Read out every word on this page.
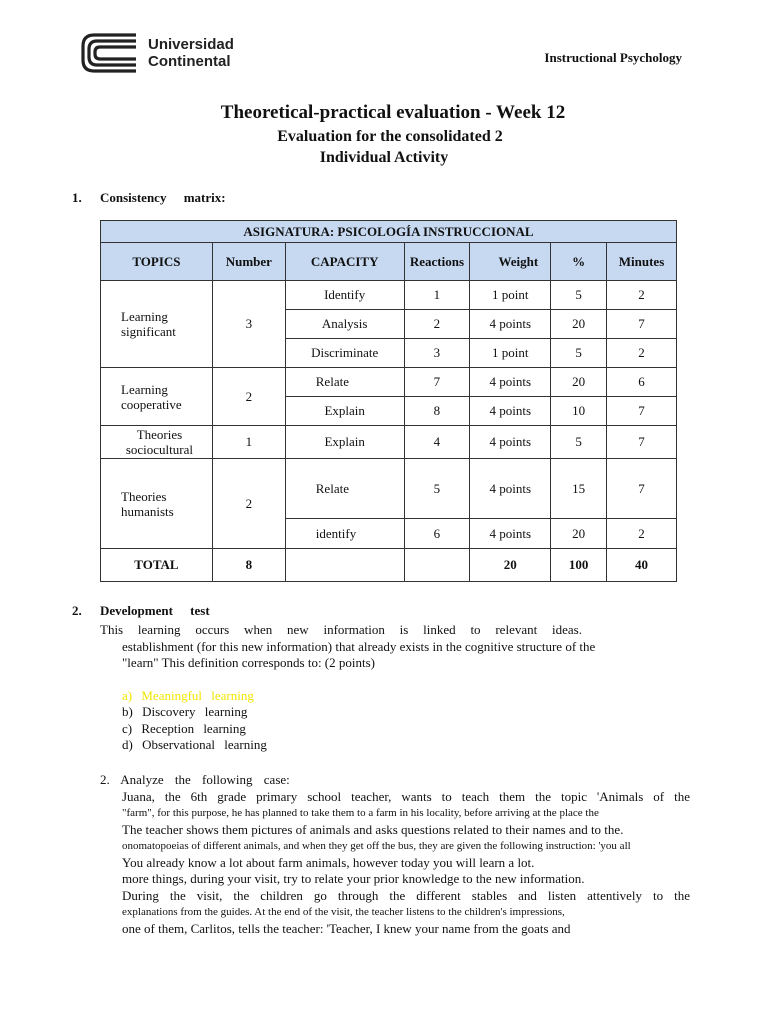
Universidad
Continental	Instructional Psychology
Theoretical-practical evaluation - Week 12
Evaluation for the consolidated 2
Individual Activity
1. Consistency matrix:
ASIGNATURA: PSICOLOGÍA INSTRUCCIONAL						
TOPICS	Number	CAPACITY	Reactions	Weight	%	Minutes
Learning significant	3	Identify	1	1 point	5	2
		Analysis	2	4 points	20	7
		Discriminate	3	1 point	5	2
Learning cooperative	2	Relate	7	4 points	20	6
		Explain	8	4 points	10	7
Theories sociocultural	1	Explain	4	4 points	5	7
Theories humanists	2	Relate	5	4 points	15	7
		identify	6	4 points	20	2
TOTAL	8			20	100	40
2. Development test
This learning occurs when new information is linked to relevant ideas.
establishment (for this new information) that already exists in the cognitive structure of the
"learn" This definition corresponds to: (2 points)
a) Meaningful learning
b) Discovery learning
c) Reception learning
d) Observational learning
2. Analyze the following case:
Juana, the 6th grade primary school teacher, wants to teach them the topic 'Animals of the
"farm", for this purpose, he has planned to take them to a farm in his locality, before arriving at the place the
The teacher shows them pictures of animals and asks questions related to their names and to the.
onomatopoeias of different animals, and when they get off the bus, they are given the following instruction: 'you all
You already know a lot about farm animals, however today you will learn a lot.
more things, during your visit, try to relate your prior knowledge to the new information.
During the visit, the children go through the different stables and listen attentively to the
explanations from the guides. At the end of the visit, the teacher listens to the children's impressions,
one of them, Carlitos, tells the teacher: 'Teacher, I knew your name from the goats and
